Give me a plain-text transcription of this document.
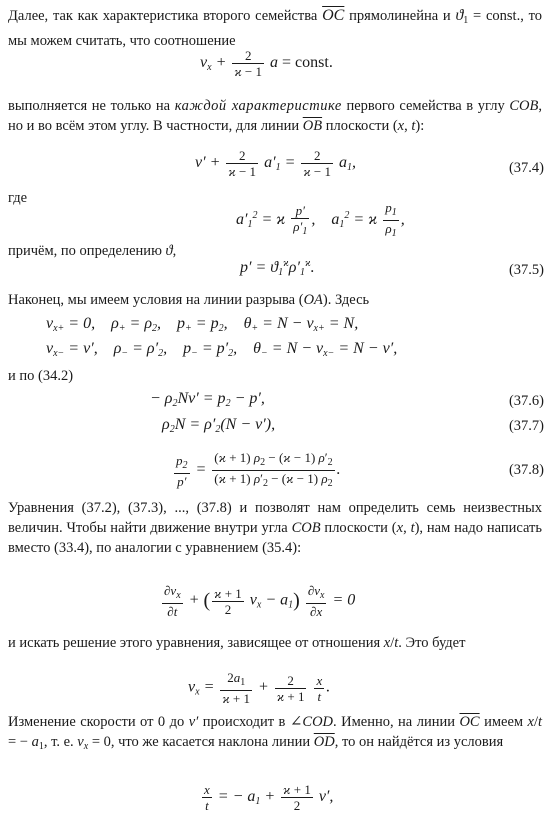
Далее, так как характеристика второго семейства $\overline{OC}$ прямолинейна и $ϑ_1$ = const., то мы можем считать, что соотношение
$v_x + \frac{2}{ϰ - 1}$ a = const.
выполняется не только на каждой характеристике первого семейства в углу COB, но и во всём этом углу. В частности, для линии $\overline{OB}$ плоскости (x, t):
$v' + \frac{2}{ϰ - 1} a'_1 = \frac{2}{ϰ - 1} a_1$,	(37.4)
где
$a'_1^2 = ϰ \frac{p'}{\rho'_1}$ ,    $a_1^2 = ϰ \frac{p_1}{\rho_1}$ ,
причём, по определению ϑ,
$p' = ϑ_1^ϰ\rho'_1^ϰ$.	(37.5)
Наконец, мы имеем условия на линии разрыва (OA). Здесь
$v_{x+} = 0$,    $\rho_+ = \rho_2$,    $p_+ = p_2$,    $\theta_+ = N - v_{x+} = N$,
$v_{x-} = v'$,    $\rho_- = \rho'_2$,    $p_- = p'_2$,    $\theta_- = N - v_{x-} = N - v'$,
и по (34.2)
− $\rho_2Nv' = p_2 - p'$,	(37.6)
$\rho_2N = \rho'_2(N - v')$,	(37.7)
$\frac{p_2}{p'} = \frac{(ϰ + 1) \rho_2 - (ϰ - 1) \rho'_2}{(ϰ + 1) \rho'_2 - (ϰ - 1) \rho_2}$ .	(37.8)
Уравнения (37.2), (37.3), ..., (37.8) и позволят нам определить семь неизвестных величин. Чтобы найти движение внутри угла COB плоскости (x, t), нам надо написать вместо (33.4), по аналогии с уравнением (35.4):
$\frac{\partial v_x}{\partial t}$ + ( $\frac{ϰ + 1}{2} v_x - a_1) \frac{\partial v_x}{\partial x} = 0$
и искать решение этого уравнения, зависящее от отношения x/t. Это будет
$v_x = \frac{2a_1}{ϰ + 1} + \frac{2}{ϰ + 1}$
$\frac{x}{t}$ .
Изменение скорости от 0 до v′ происходит в ∠COD. Именно, на линии $\overline{OC}$ имеем x/t = − $a_1$, т. е. $v_x = 0$, что же касается наклона линии $\overline{OD}$, то он найдётся из условия
$\frac{x}{t}$ = − $a_1 + \frac{ϰ + 1}{2} v'$,
